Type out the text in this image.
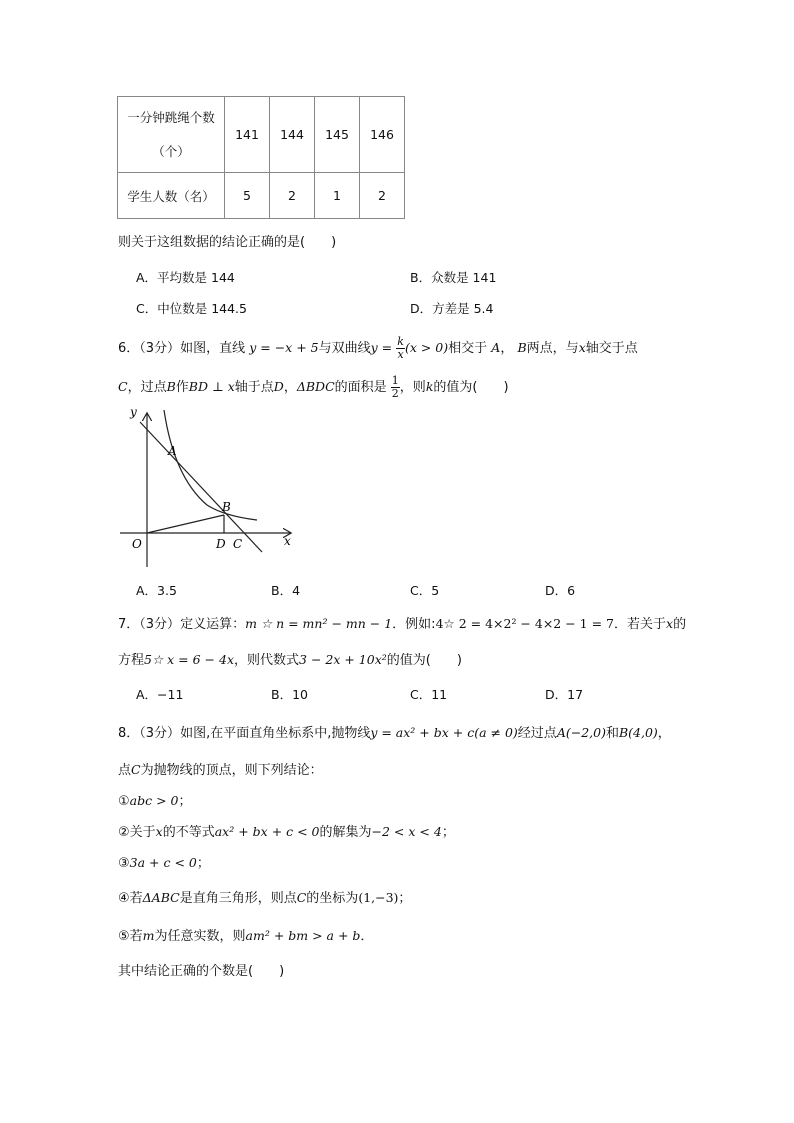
一分钟跳绳个数
（个）	141	144	145	146
学生人数（名）	5	2	1	2
则关于这组数据的结论正确的是(　　)
A．平均数是 144	B．众数是 141
C．中位数是 144.5	D．方差是 5.4
6．（3分）如图，直线 y = −x + 5与双曲线$y = \frac{k}{x} (x > 0)$相交于 A， B两点，与x轴交于点
C，过点B作BD ⊥ x轴于点D，ΔBDC的面积是 $\frac{1}{2}$ ，则k的值为(　　)
y
x
O
A
B
D C
A．3.5	B．4	C．5	D．6
7．（3分）定义运算：m ☆ n = mn² − mn − 1．例如:4☆ 2 = 4×2² − 4×2 − 1 = 7．若关于x的
方程5☆ x = 6 − 4x，则代数式3 − 2x + 10x²的值为(　　)
A．−11	B．10	C．11	D．17
8．（3分）如图,在平面直角坐标系中,抛物线y = ax² + bx + c(a ≠ 0)经过点A(−2,0)和B(4,0)，
点C为抛物线的顶点，则下列结论：
①abc > 0；
②关于x的不等式ax² + bx + c < 0的解集为−2 < x < 4；
③3a + c < 0；
④若ΔABC是直角三角形，则点C的坐标为(1,−3)；
⑤若m为任意实数，则am² + bm > a + b．
其中结论正确的个数是(　　)
